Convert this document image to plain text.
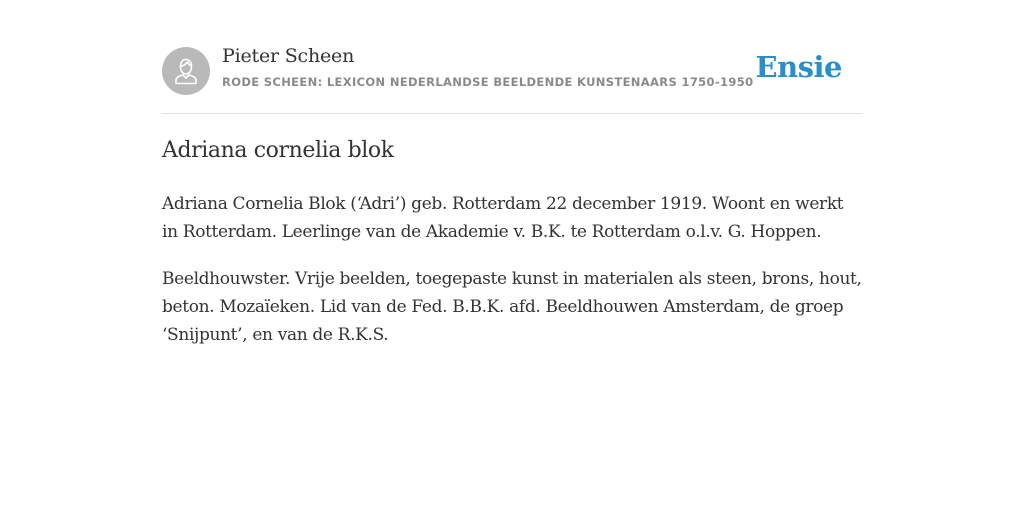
Pieter Scheen
RODE SCHEEN: LEXICON NEDERLANDSE BEELDENDE KUNSTENAARS 1750-1950 Ensie
Adriana cornelia blok

Adriana Cornelia Blok (‘Adri’) geb. Rotterdam 22 december 1919. Woont en werkt in Rotterdam. Leerlinge van de Akademie v. B.K. te Rotterdam o.l.v. G. Hoppen.

Beeldhouwster. Vrije beelden, toegepaste kunst in materialen als steen, brons, hout, beton. Mozaïeken. Lid van de Fed. B.B.K. afd. Beeldhouwen Amsterdam, de groep ‘Snijpunt’, en van de R.K.S.
